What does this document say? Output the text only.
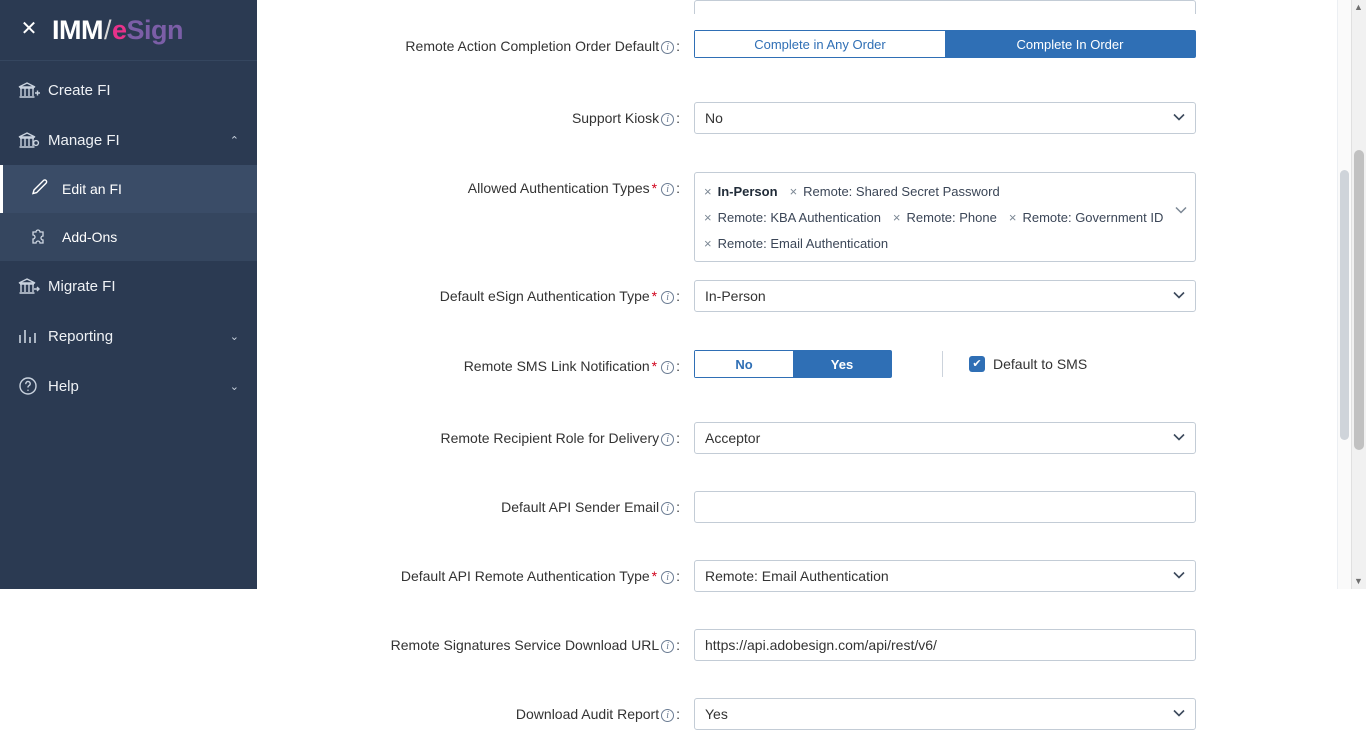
✕ IMM / e Sign
Create FI
Manage FI	⌃
Edit an FI
Add-Ons
Migrate FI
Reporting	⌄
Help	⌄
Remote Action Completion Order Default i :	Complete in Any Order	Complete In Order
Support Kiosk i :	No
Allowed Authentication Types * i :	× In-Person × Remote: Shared Secret Password
× Remote: KBA Authentication × Remote: Phone × Remote: Government ID
× Remote: Email Authentication
Default eSign Authentication Type * i :	In-Person
Remote SMS Link Notification * i :	No	Yes	✔ Default to SMS
Remote Recipient Role for Delivery i :	Acceptor
Default API Sender Email i :
Default API Remote Authentication Type * i :	Remote: Email Authentication
Remote Signatures Service Download URL i :
https://api.adobesign.com/api/rest/v6/
Download Audit Report i :	Yes
▲
▼
